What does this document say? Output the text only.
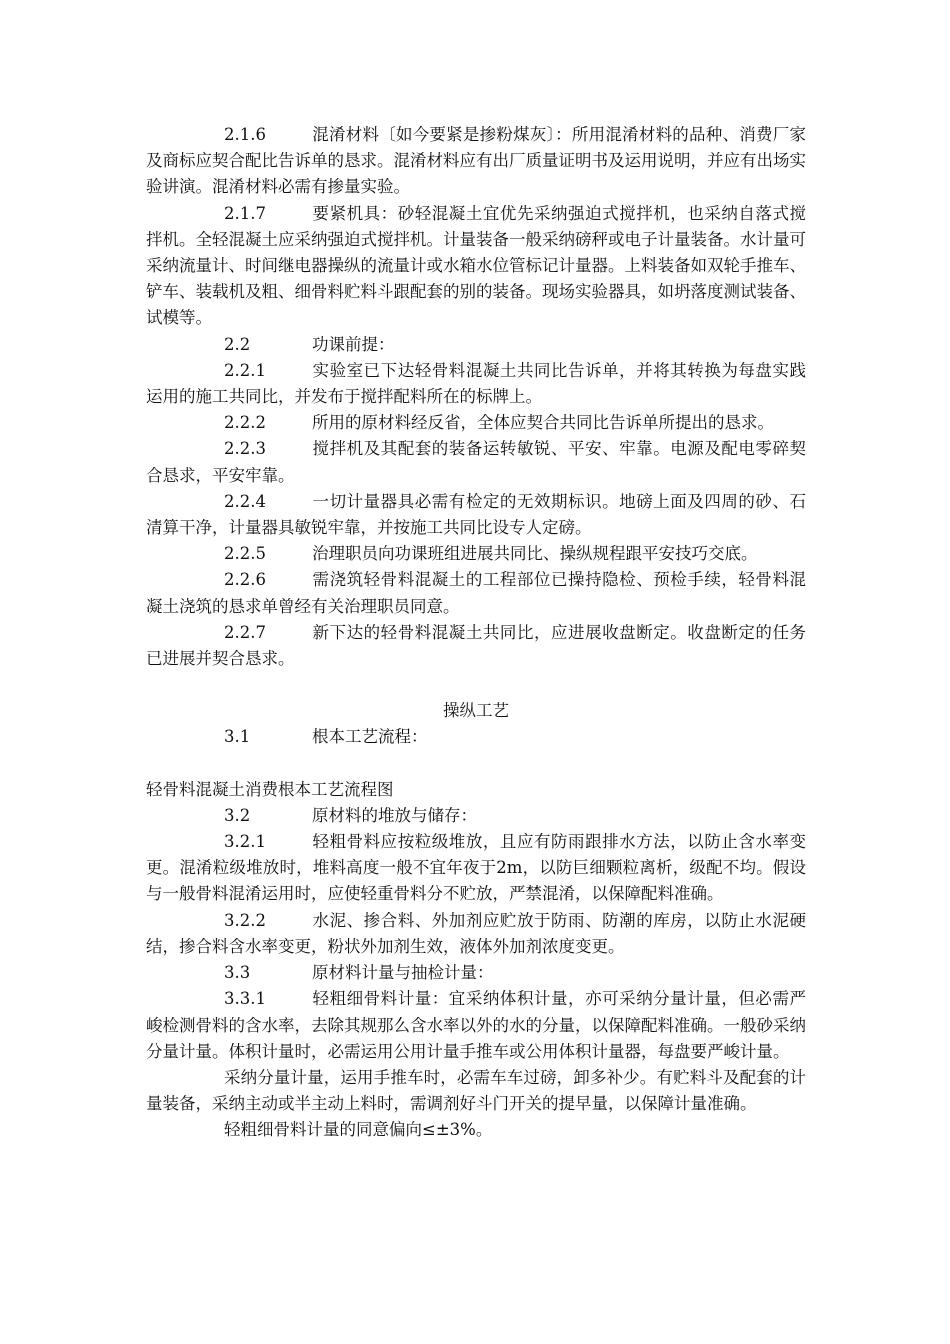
2.1.6	混淆材料〔如今要紧是掺粉煤灰〕：所用混淆材料的品种、消费厂家及商标应契合配比告诉单的恳求。混淆材料应有出厂质量证明书及运用说明，并应有出场实验讲演。混淆材料必需有掺量实验。

2.1.7	要紧机具：砂轻混凝土宜优先采纳强迫式搅拌机，也采纳自落式搅拌机。全轻混凝土应采纳强迫式搅拌机。计量装备一般采纳磅秤或电子计量装备。水计量可采纳流量计、时间继电器操纵的流量计或水箱水位管标记计量器。上料装备如双轮手推车、铲车、装载机及粗、细骨料贮料斗跟配套的别的装备。现场实验器具，如坍落度测试装备、试模等。

2.2	功课前提：

2.2.1	实验室已下达轻骨料混凝土共同比告诉单，并将其转换为每盘实践运用的施工共同比，并发布于搅拌配料所在的标牌上。

2.2.2	所用的原材料经反省，全体应契合共同比告诉单所提出的恳求。

2.2.3	搅拌机及其配套的装备运转敏锐、平安、牢靠。电源及配电零碎契合恳求，平安牢靠。

2.2.4	一切计量器具必需有检定的无效期标识。地磅上面及四周的砂、石清算干净，计量器具敏锐牢靠，并按施工共同比设专人定磅。

2.2.5	治理职员向功课班组进展共同比、操纵规程跟平安技巧交底。

2.2.6	需浇筑轻骨料混凝土的工程部位已操持隐检、预检手续，轻骨料混凝土浇筑的恳求单曾经有关治理职员同意。

2.2.7	新下达的轻骨料混凝土共同比，应进展收盘断定。收盘断定的任务已进展并契合恳求。

操纵工艺

3.1	根本工艺流程：

轻骨料混凝土消费根本工艺流程图

3.2	原材料的堆放与储存：

3.2.1	轻粗骨料应按粒级堆放，且应有防雨跟排水方法，以防止含水率变更。混淆粒级堆放时，堆料高度一般不宜年夜于2m，以防巨细颗粒离析，级配不均。假设与一般骨料混淆运用时，应使轻重骨料分不贮放，严禁混淆，以保障配料准确。

3.2.2	水泥、掺合料、外加剂应贮放于防雨、防潮的库房，以防止水泥硬结，掺合料含水率变更，粉状外加剂生效，液体外加剂浓度变更。

3.3	原材料计量与抽检计量：

3.3.1	轻粗细骨料计量：宜采纳体积计量，亦可采纳分量计量，但必需严峻检测骨料的含水率，去除其规那么含水率以外的水的分量，以保障配料准确。一般砂采纳分量计量。体积计量时，必需运用公用计量手推车或公用体积计量器，每盘要严峻计量。

采纳分量计量，运用手推车时，必需车车过磅，卸多补少。有贮料斗及配套的计量装备，采纳主动或半主动上料时，需调剂好斗门开关的提早量，以保障计量准确。

轻粗细骨料计量的同意偏向≤±3%。
